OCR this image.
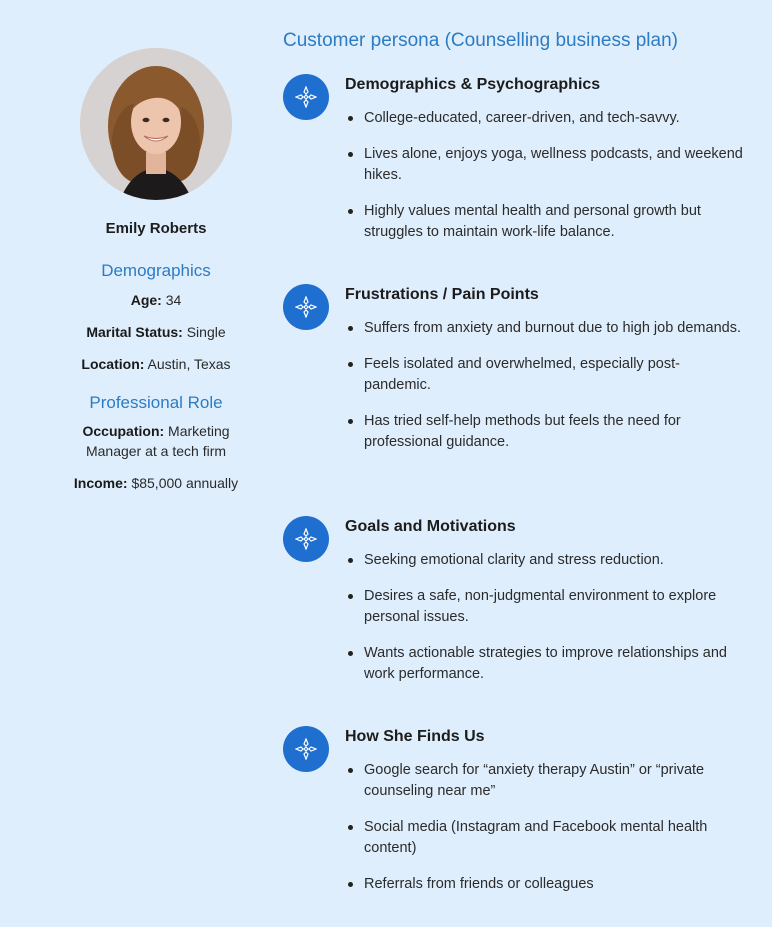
Emily Roberts
Demographics
Age: 34
Marital Status: Single
Location: Austin, Texas
Professional Role
Occupation: Marketing Manager at a tech firm
Income: $85,000 annually
Customer persona (Counselling business plan)
Demographics & Psychographics
College-educated, career-driven, and tech-savvy.
Lives alone, enjoys yoga, wellness podcasts, and weekend hikes.
Highly values mental health and personal growth but struggles to maintain work-life balance.
Frustrations / Pain Points
Suffers from anxiety and burnout due to high job demands.
Feels isolated and overwhelmed, especially post-pandemic.
Has tried self-help methods but feels the need for professional guidance.
Goals and Motivations
Seeking emotional clarity and stress reduction.
Desires a safe, non-judgmental environment to explore personal issues.
Wants actionable strategies to improve relationships and work performance.
How She Finds Us
Google search for “anxiety therapy Austin” or “private counseling near me”
Social media (Instagram and Facebook mental health content)
Referrals from friends or colleagues
